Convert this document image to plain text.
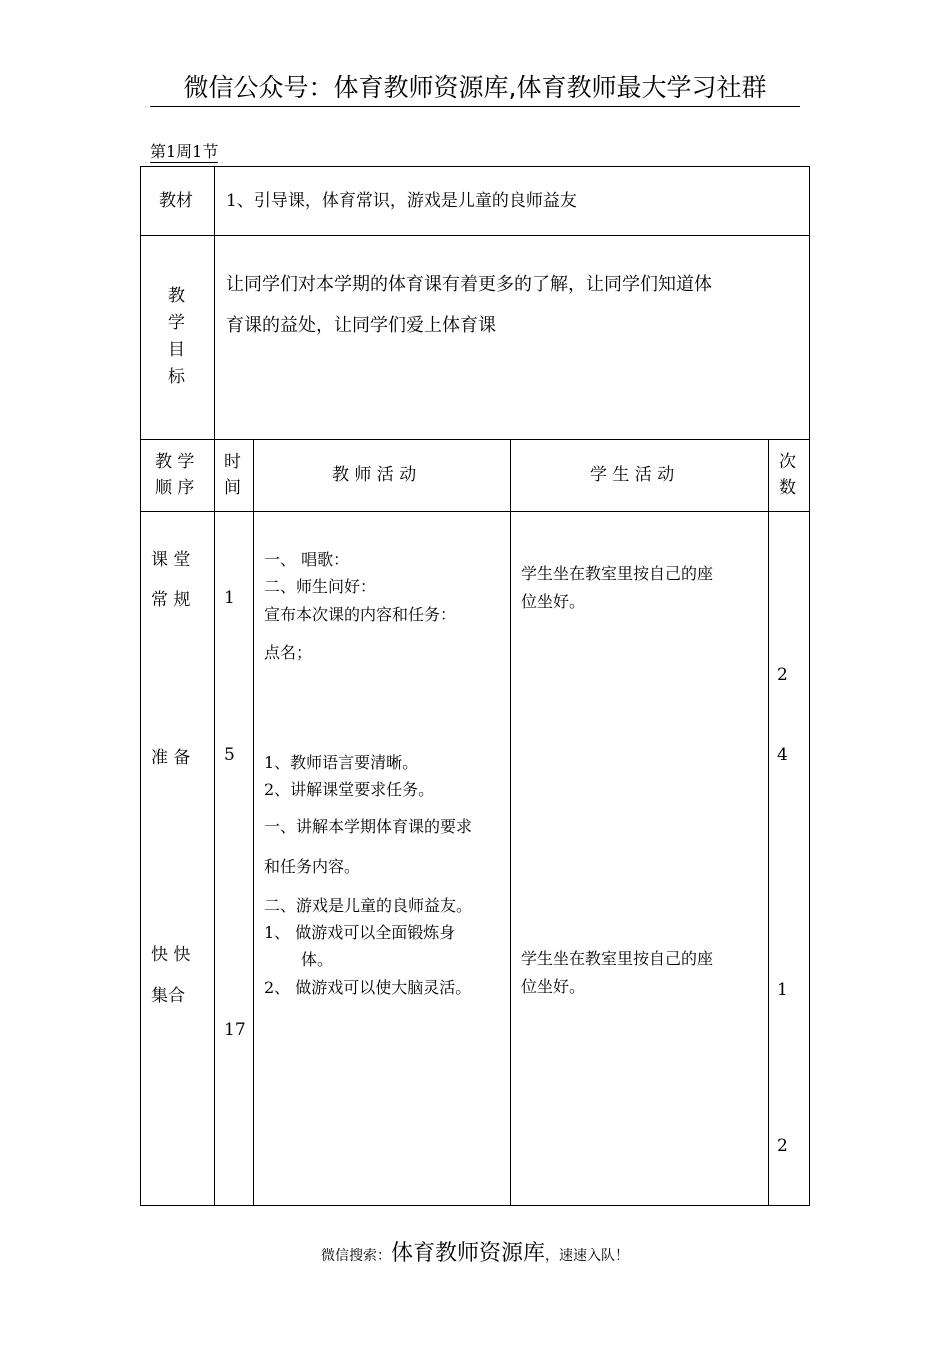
微信公众号：体育教师资源库,体育教师最大学习社群
第1周1节
教材 1、引导课，体育常识，游戏是儿童的良师益友
教
学
目
标
让同学们对本学期的体育课有着更多的了解，让同学们知道体
育课的益处，让同学们爱上体育课
教 学
顺 序
时
间
教 师 活 动	学 生 活 动
次
数
课 堂
常 规
准 备
快 快
集合
1
5
17
一、 唱歌：
二、师生问好：
宣布本次课的内容和任务：
点名；
1、教师语言要清晰。
2、讲解课堂要求任务。
一、讲解本学期体育课的要求
和任务内容。
二、游戏是儿童的良师益友。
1、 做游戏可以全面锻炼身
体。
2、 做游戏可以使大脑灵活。
学生坐在教室里按自己的座
位坐好。
学生坐在教室里按自己的座
位坐好。
2
4
1
2
微信搜索：体育教师资源库，速速入队！
